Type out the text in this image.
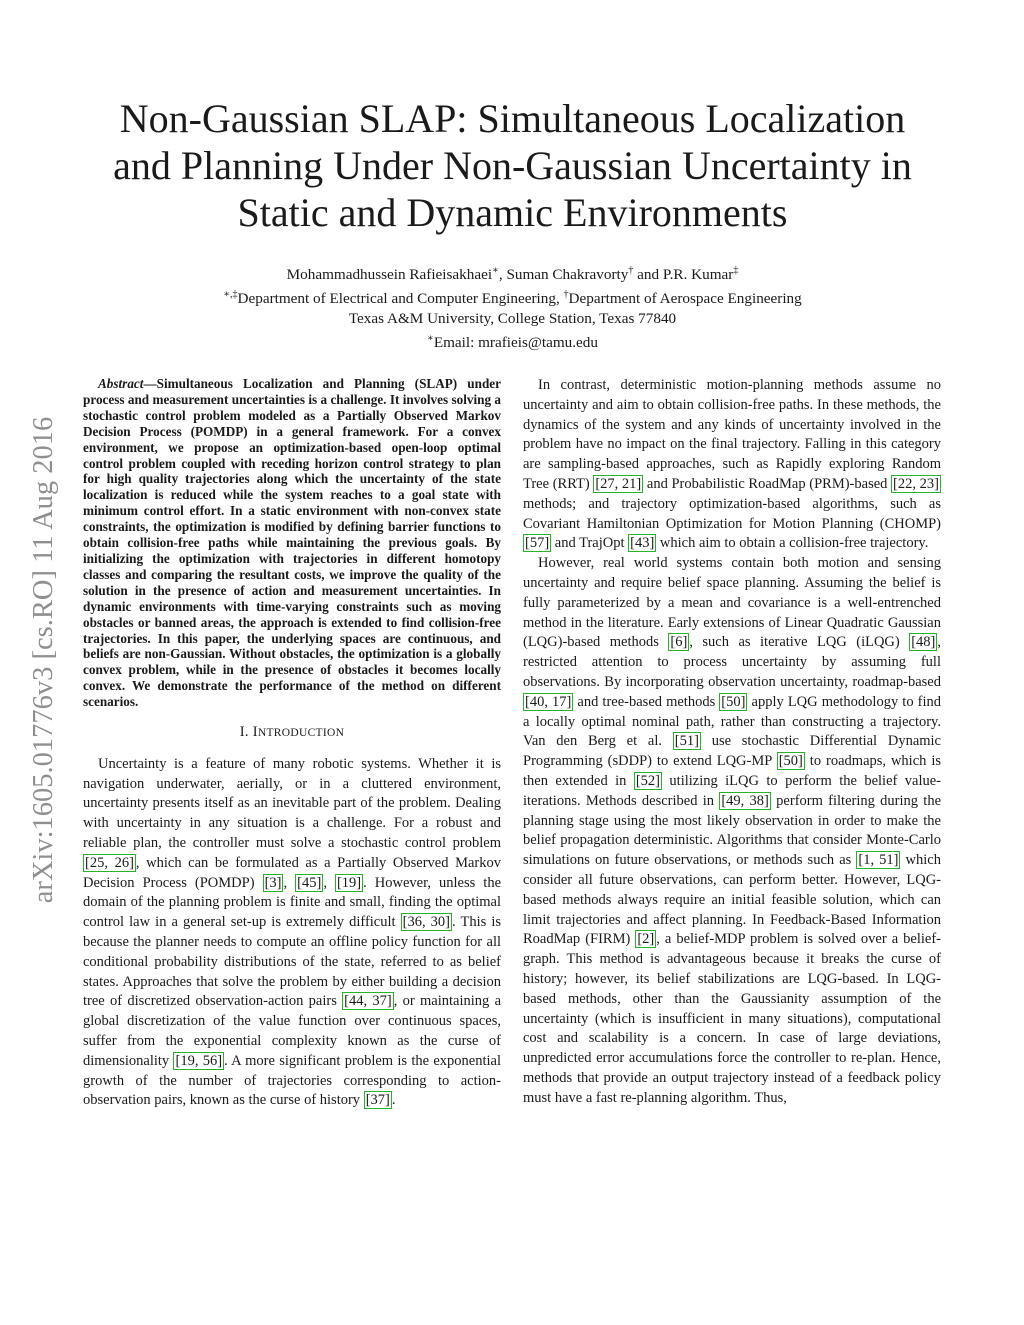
arXiv:1605.01776v3 [cs.RO] 11 Aug 2016
Non-Gaussian SLAP: Simultaneous Localization
and Planning Under Non-Gaussian Uncertainty in
Static and Dynamic Environments
Mohammadhussein Rafieisakhaei∗, Suman Chakravorty† and P.R. Kumar‡
∗,‡Department of Electrical and Computer Engineering, †Department of Aerospace Engineering
Texas A&M University, College Station, Texas 77840
∗Email: mrafieis@tamu.edu

Abstract—Simultaneous Localization and Planning (SLAP) under process and measurement uncertainties is a challenge. It involves solving a stochastic control problem modeled as a Partially Observed Markov Decision Process (POMDP) in a general framework. For a convex environment, we propose an optimization-based open-loop optimal control problem coupled with receding horizon control strategy to plan for high quality trajectories along which the uncertainty of the state localization is reduced while the system reaches to a goal state with minimum control effort. In a static environment with non-convex state constraints, the optimization is modified by defining barrier functions to obtain collision-free paths while maintaining the previous goals. By initializing the optimization with trajectories in different homotopy classes and comparing the resultant costs, we improve the quality of the solution in the presence of action and measurement uncertainties. In dynamic environments with time-varying constraints such as moving obstacles or banned areas, the approach is extended to find collision-free trajectories. In this paper, the underlying spaces are continuous, and beliefs are non-Gaussian. Without obstacles, the optimization is a globally convex problem, while in the presence of obstacles it becomes locally convex. We demonstrate the performance of the method on different scenarios.

I. INTRODUCTION

Uncertainty is a feature of many robotic systems. Whether it is navigation underwater, aerially, or in a cluttered environment, uncertainty presents itself as an inevitable part of the problem. Dealing with uncertainty in any situation is a challenge. For a robust and reliable plan, the controller must solve a stochastic control problem [25, 26] , which can be formulated as a Partially Observed Markov Decision Process (POMDP) [3] , [45] , [19] . However, unless the domain of the planning problem is finite and small, finding the optimal control law in a general set-up is extremely difficult [36, 30] . This is because the planner needs to compute an offline policy function for all conditional probability distributions of the state, referred to as belief states. Approaches that solve the problem by either building a decision tree of discretized observation-action pairs [44, 37] , or maintaining a global discretization of the value function over continuous spaces, suffer from the exponential complexity known as the curse of dimensionality [19, 56] . A more significant problem is the exponential growth of the number of trajectories corresponding to action-observation pairs, known as the curse of history [37] .

In contrast, deterministic motion-planning methods assume no uncertainty and aim to obtain collision-free paths. In these methods, the dynamics of the system and any kinds of uncertainty involved in the problem have no impact on the final trajectory. Falling in this category are sampling-based approaches, such as Rapidly exploring Random Tree (RRT) [27, 21] and Probabilistic RoadMap (PRM)-based [22, 23] methods; and trajectory optimization-based algorithms, such as Covariant Hamiltonian Optimization for Motion Planning (CHOMP) [57] and TrajOpt [43] which aim to obtain a collision-free trajectory.

However, real world systems contain both motion and sensing uncertainty and require belief space planning. Assuming the belief is fully parameterized by a mean and covariance is a well-entrenched method in the literature. Early extensions of Linear Quadratic Gaussian (LQG)-based methods [6] , such as iterative LQG (iLQG) [48] , restricted attention to process uncertainty by assuming full observations. By incorporating observation uncertainty, roadmap-based [40, 17] and tree-based methods [50] apply LQG methodology to find a locally optimal nominal path, rather than constructing a trajectory. Van den Berg et al. [51] use stochastic Differential Dynamic Programming (sDDP) to extend LQG-MP [50] to roadmaps, which is then extended in [52] utilizing iLQG to perform the belief value-iterations. Methods described in [49, 38] perform filtering during the planning stage using the most likely observation in order to make the belief propagation deterministic. Algorithms that consider Monte-Carlo simulations on future observations, or methods such as [1, 51] which consider all future observations, can perform better. However, LQG-based methods always require an initial feasible solution, which can limit trajectories and affect planning. In Feedback-Based Information RoadMap (FIRM) [2] , a belief-MDP problem is solved over a belief-graph. This method is advantageous because it breaks the curse of history; however, its belief stabilizations are LQG-based. In LQG-based methods, other than the Gaussianity assumption of the uncertainty (which is insufficient in many situations), computational cost and scalability is a concern. In case of large deviations, unpredicted error accumulations force the controller to re-plan. Hence, methods that provide an output trajectory instead of a feedback policy must have a fast re-planning algorithm. Thus,
